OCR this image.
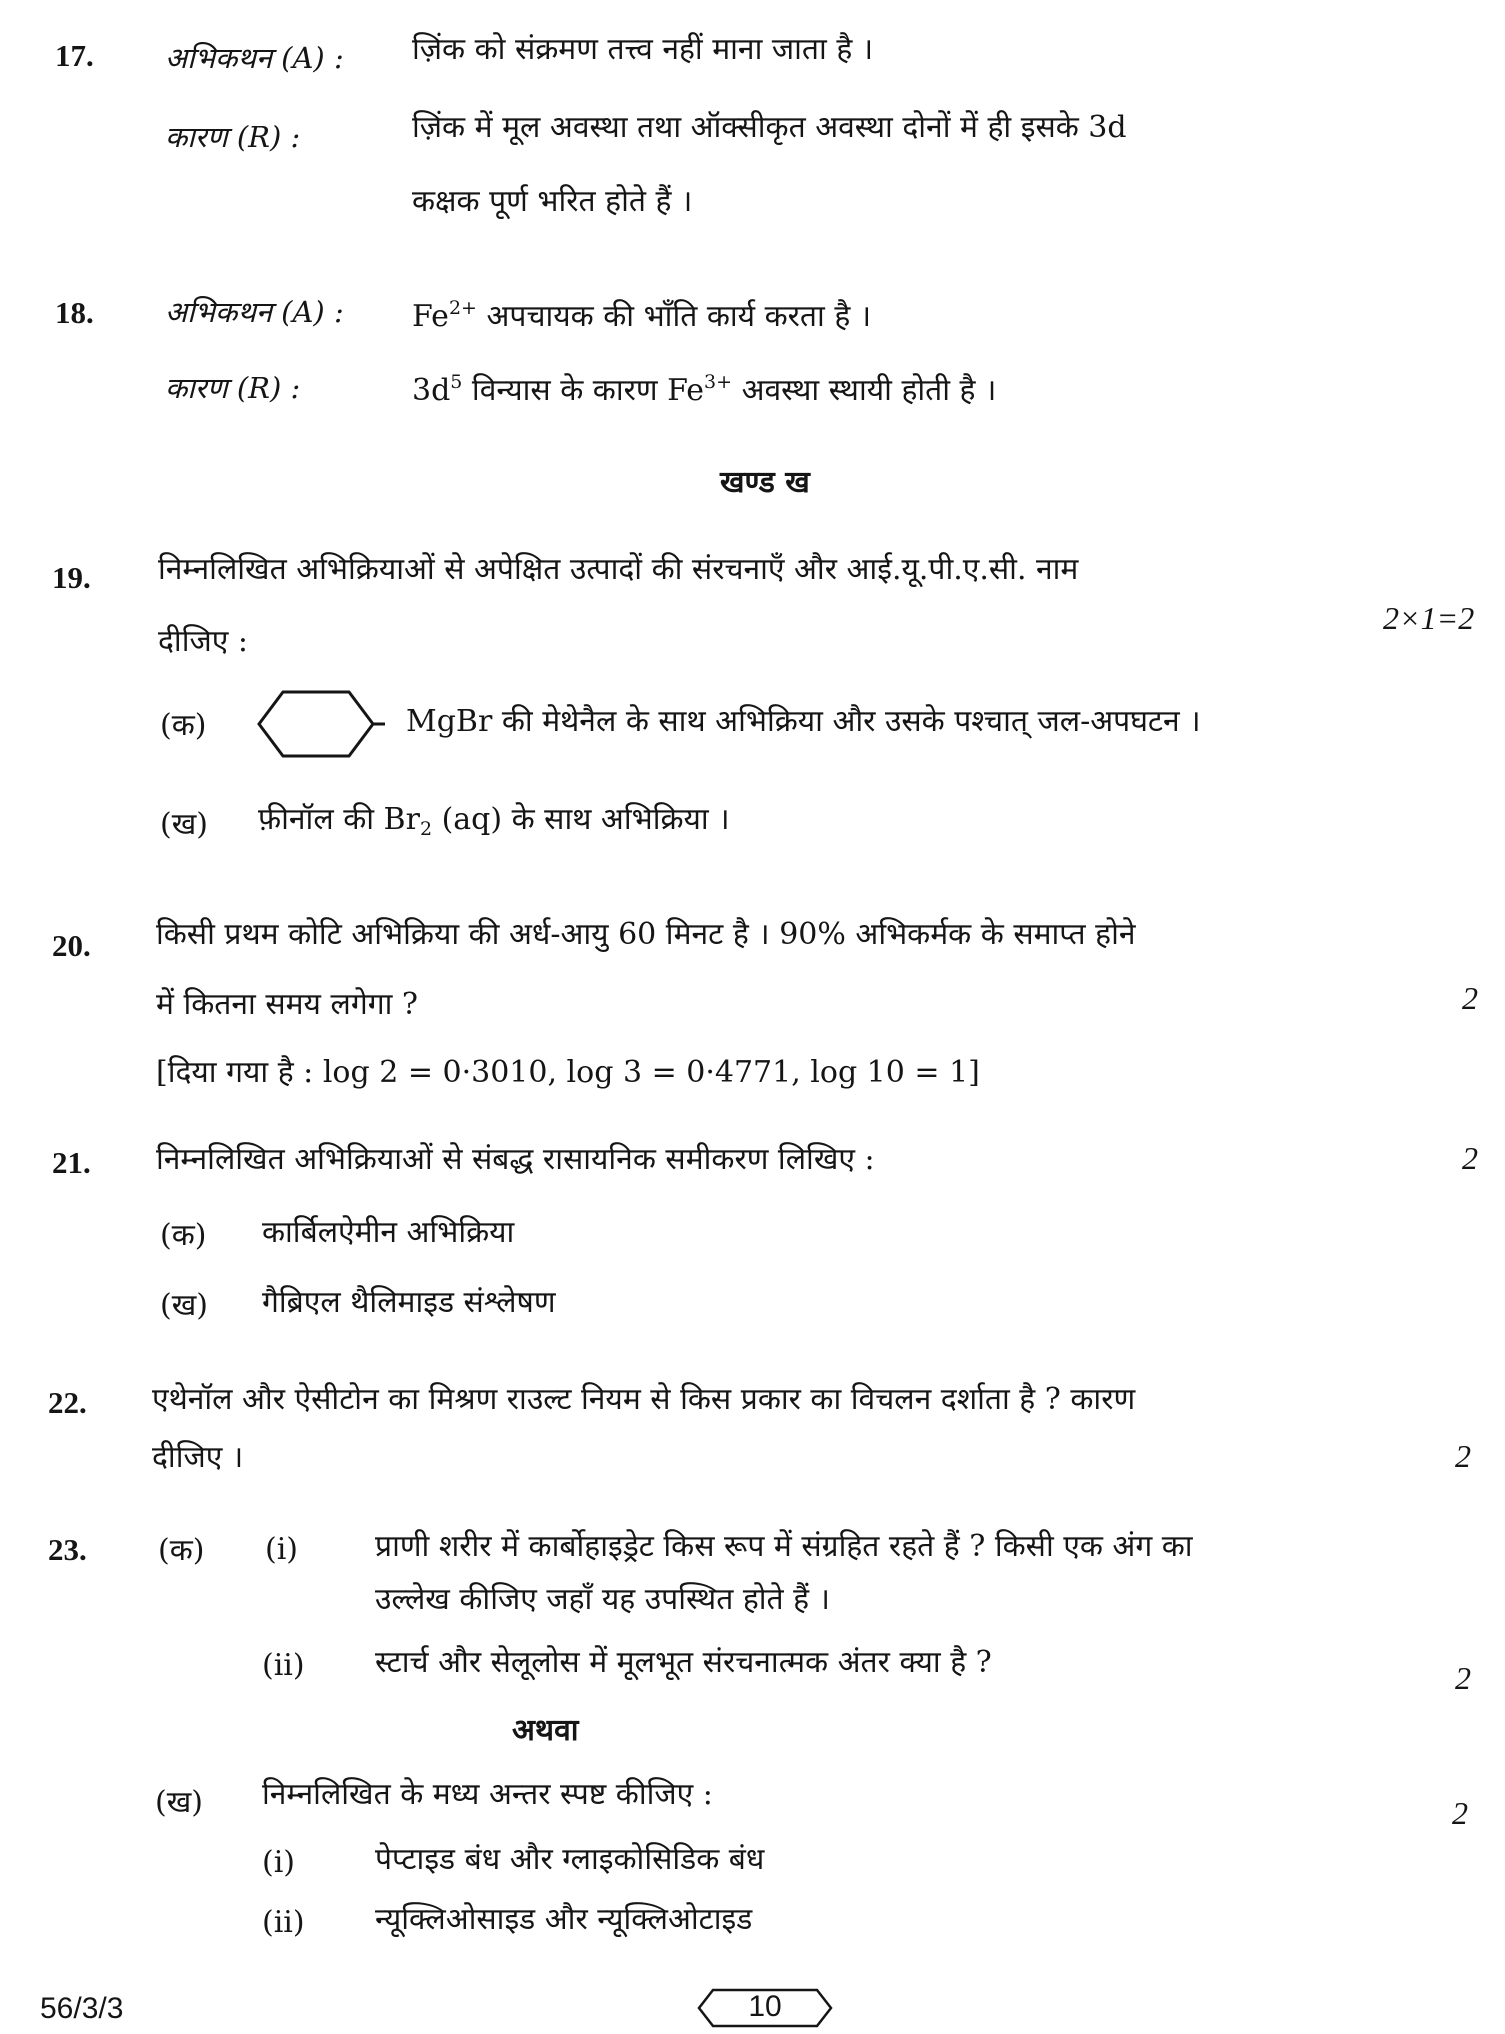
17. अभिकथन (A) : ज़िंक को संक्रमण तत्त्व नहीं माना जाता है ।
कारण (R) :	ज़िंक में मूल अवस्था तथा ऑक्सीकृत अवस्था दोनों में ही इसके 3d
कक्षक पूर्ण भरित होते हैं ।
18. अभिकथन (A) : $Fe^{2+}$ अपचायक की भाँति कार्य करता है ।
कारण (R) :	$3d^5$ विन्यास के कारण $Fe^{3+}$ अवस्था स्थायी होती है ।
खण्ड ख
19. निम्नलिखित अभिक्रियाओं से अपेक्षित उत्पादों की संरचनाएँ और आई.यू.पी.ए.सी. नाम
2×1=2
दीजिए :
(क)	MgBr की मेथेनैल के साथ अभिक्रिया और उसके पश्चात् जल-अपघटन ।
(ख) फ़ीनॉल की $Br_2$ (aq) के साथ अभिक्रिया ।
20. किसी प्रथम कोटि अभिक्रिया की अर्ध-आयु 60 मिनट है । 90% अभिकर्मक के समाप्त होने
में कितना समय लगेगा ?	2
[दिया गया है : log 2 = 0·3010, log 3 = 0·4771, log 10 = 1]
21. निम्नलिखित अभिक्रियाओं से संबद्ध रासायनिक समीकरण लिखिए :	2
(क) कार्बिलऐमीन अभिक्रिया
(ख) गैब्रिएल थैलिमाइड संश्लेषण
22. एथेनॉल और ऐसीटोन का मिश्रण राउल्ट नियम से किस प्रकार का विचलन दर्शाता है ? कारण
दीजिए ।	2
23. (क) (i)	प्राणी शरीर में कार्बोहाइड्रेट किस रूप में संग्रहित रहते हैं ? किसी एक अंग का
उल्लेख कीजिए जहाँ यह उपस्थित होते हैं ।
(ii) स्टार्च और सेलूलोस में मूलभूत संरचनात्मक अंतर क्या है ?	2
अथवा
(ख) निम्नलिखित के मध्य अन्तर स्पष्ट कीजिए :
2
(i)	पेप्टाइड बंध और ग्लाइकोसिडिक बंध
(ii) न्यूक्लिओसाइड और न्यूक्लिओटाइड
56/3/3	10
